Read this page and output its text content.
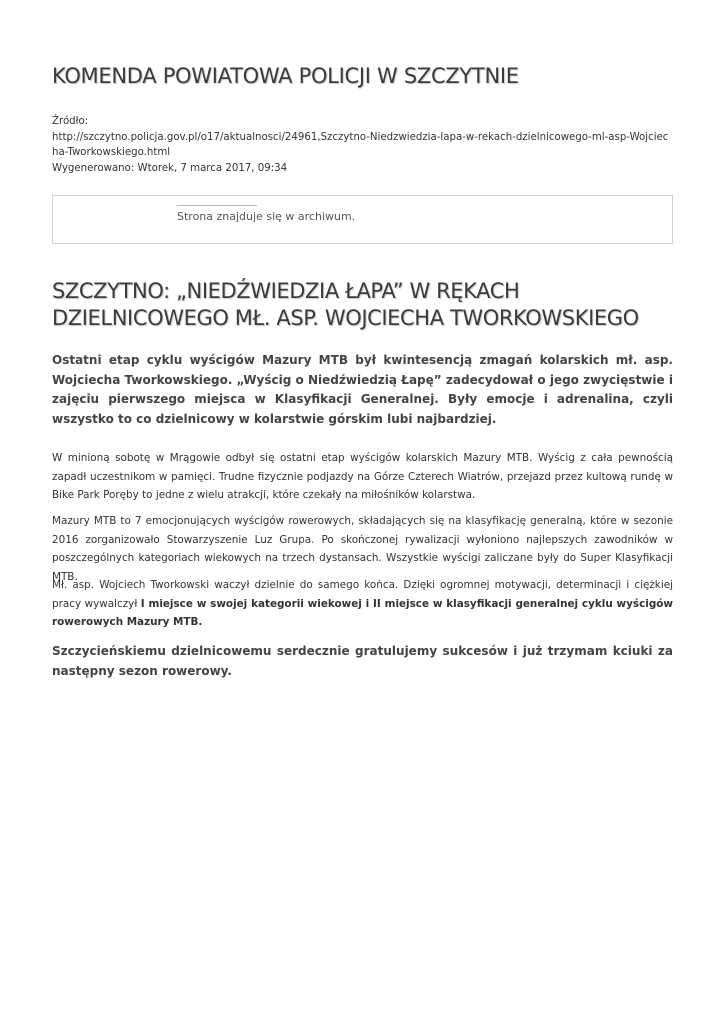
KOMENDA POWIATOWA POLICJI W SZCZYTNIE
Źródło:
http://szczytno.policja.gov.pl/o17/aktualnosci/24961,Szczytno-Niedzwiedzia-lapa-w-rekach-dzielnicowego-ml-asp-Wojciecha-Tworkowskiego.html
Wygenerowano: Wtorek, 7 marca 2017, 09:34
Strona znajduje się w archiwum.
SZCZYTNO: „NIEDŹWIEDZIA ŁAPA” W RĘKACH DZIELNICOWEGO MŁ. ASP. WOJCIECHA TWORKOWSKIEGO

Ostatni etap cyklu wyścigów Mazury MTB był kwintesencją zmagań kolarskich mł. asp. Wojciecha Tworkowskiego. „Wyścig o Niedźwiedzią Łapę” zadecydował o jego zwycięstwie i zajęciu pierwszego miejsca w Klasyfikacji Generalnej. Były emocje i adrenalina, czyli wszystko to co dzielnicowy w kolarstwie górskim lubi najbardziej.

W minioną sobotę w Mrągowie odbył się ostatni etap wyścigów kolarskich Mazury MTB. Wyścig z cała pewnością zapadł uczestnikom w pamięci. Trudne fizycznie podjazdy na Górze Czterech Wiatrów, przejazd przez kultową rundę w Bike Park Poręby to jedne z wielu atrakcji, które czekały na miłośników kolarstwa.

Mazury MTB to 7 emocjonujących wyścigów rowerowych, składających się na klasyfikację generalną, które w sezonie 2016 zorganizowało Stowarzyszenie Luz Grupa. Po skończonej rywalizacji wyłoniono najlepszych zawodników w poszczególnych kategoriach wiekowych na trzech dystansach. Wszystkie wyścigi zaliczane były do Super Klasyfikacji MTB.

Mł. asp. Wojciech Tworkowski waczył dzielnie do samego końca. Dzięki ogromnej motywacji, determinacji i ciężkiej pracy wywalczył I miejsce w swojej kategorii wiekowej i II miejsce w klasyfikacji generalnej cyklu wyścigów rowerowych Mazury MTB.

Szczycieńskiemu dzielnicowemu serdecznie gratulujemy sukcesów i już trzymam kciuki za następny sezon rowerowy.
